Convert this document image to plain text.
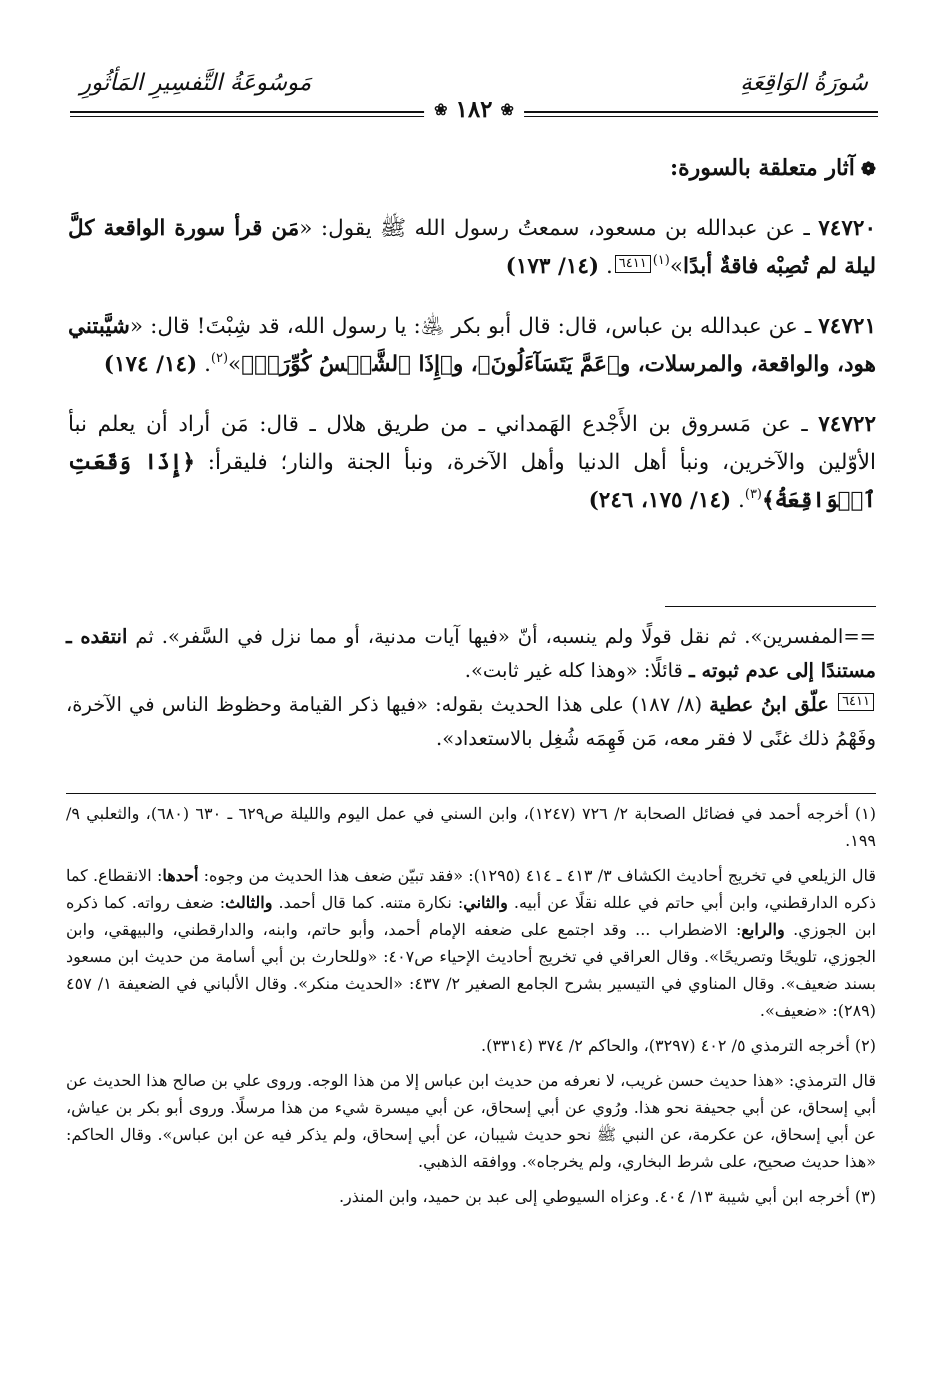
سُورَةُ الوَاقِعَةِ
مَوسُوعَةُ التَّفسِيرِ المَأثُورِ
❀
١٨٢
❀
❁آثار متعلقة بالسورة:
٧٤٧٢٠ ـ عن عبدالله بن مسعود، سمعتُ رسول الله ﷺ يقول: «مَن قرأ سورة الواقعة كلَّ ليلة لم تُصِبْه فاقةٌ أبدًا»$^{(١)}$٦٤١١. (١٤/ ١٧٣)
٧٤٧٢١ ـ عن عبدالله بن عباس، قال: قال أبو بكر ﵁: يا رسول الله، قد شِبْتَ! قال: «شيَّبتني هود، والواقعة، والمرسلات، و﴿عَمَّ يَتَسَآءَلُونَ﴾، و﴿إِذَا ٱلشَّمۡسُ كُوِّرَتۡ﴾»$^{(٢)}$. (١٤/ ١٧٤)
٧٤٧٢٢ ـ عن مَسروق بن الأَجْدع الهَمداني ـ من طريق هلال ـ قال: مَن أراد أن يعلم نبأ الأوّلين والآخرين، ونبأ أهل الدنيا وأهل الآخرة، ونبأ الجنة والنار؛ فليقرأ: ﴿إِذَا وَقَعَتِ ٱلۡوَاقِعَةُ﴾$^{(٣)}$. (١٤/ ١٧٥، ٢٤٦)

==المفسرين». ثم نقل قولًا ولم ينسبه، أنّ «فيها آيات مدنية، أو مما نزل في السَّفر». ثم انتقده ـ مستندًا إلى عدم ثبوته ـ قائلًا: «وهذا كله غير ثابت».

٦٤١١ علّق ابنُ عطية (٨/ ١٨٧) على هذا الحديث بقوله: «فيها ذكر القيامة وحظوظ الناس في الآخرة، وفَهْمُ ذلك غنًى لا فقر معه، مَن فَهِمَه شُغِل بالاستعداد».

(١) أخرجه أحمد في فضائل الصحابة ٢/ ٧٢٦ (١٢٤٧)، وابن السني في عمل اليوم والليلة ص٦٢٩ ـ ٦٣٠ (٦٨٠)، والثعلبي ٩/ ١٩٩.

قال الزيلعي في تخريج أحاديث الكشاف ٣/ ٤١٣ ـ ٤١٤ (١٢٩٥): «فقد تبيّن ضعف هذا الحديث من وجوه: أحدها: الانقطاع. كما ذكره الدارقطني، وابن أبي حاتم في علله نقلًا عن أبيه. والثاني: نكارة متنه. كما قال أحمد. والثالث: ضعف رواته. كما ذكره ابن الجوزي. والرابع: الاضطراب ... وقد اجتمع على ضعفه الإمام أحمد، وأبو حاتم، وابنه، والدارقطني، والبيهقي، وابن الجوزي، تلويحًا وتصريحًا». وقال العراقي في تخريج أحاديث الإحياء ص٤٠٧: «وللحارث بن أبي أسامة من حديث ابن مسعود بسند ضعيف». وقال المناوي في التيسير بشرح الجامع الصغير ٢/ ٤٣٧: «الحديث منكر». وقال الألباني في الضعيفة ١/ ٤٥٧ (٢٨٩): «ضعيف».

(٢) أخرجه الترمذي ٥/ ٤٠٢ (٣٢٩٧)، والحاكم ٢/ ٣٧٤ (٣٣١٤).

قال الترمذي: «هذا حديث حسن غريب، لا نعرفه من حديث ابن عباس إلا من هذا الوجه. وروى علي بن صالح هذا الحديث عن أبي إسحاق، عن أبي جحيفة نحو هذا. ورُوي عن أبي إسحاق، عن أبي ميسرة شيء من هذا مرسلًا. وروى أبو بكر بن عياش، عن أبي إسحاق، عن عكرمة، عن النبي ﷺ نحو حديث شيبان، عن أبي إسحاق، ولم يذكر فيه عن ابن عباس». وقال الحاكم: «هذا حديث صحيح، على شرط البخاري، ولم يخرجاه». ووافقه الذهبي.

(٣) أخرجه ابن أبي شيبة ١٣/ ٤٠٤. وعزاه السيوطي إلى عبد بن حميد، وابن المنذر.
